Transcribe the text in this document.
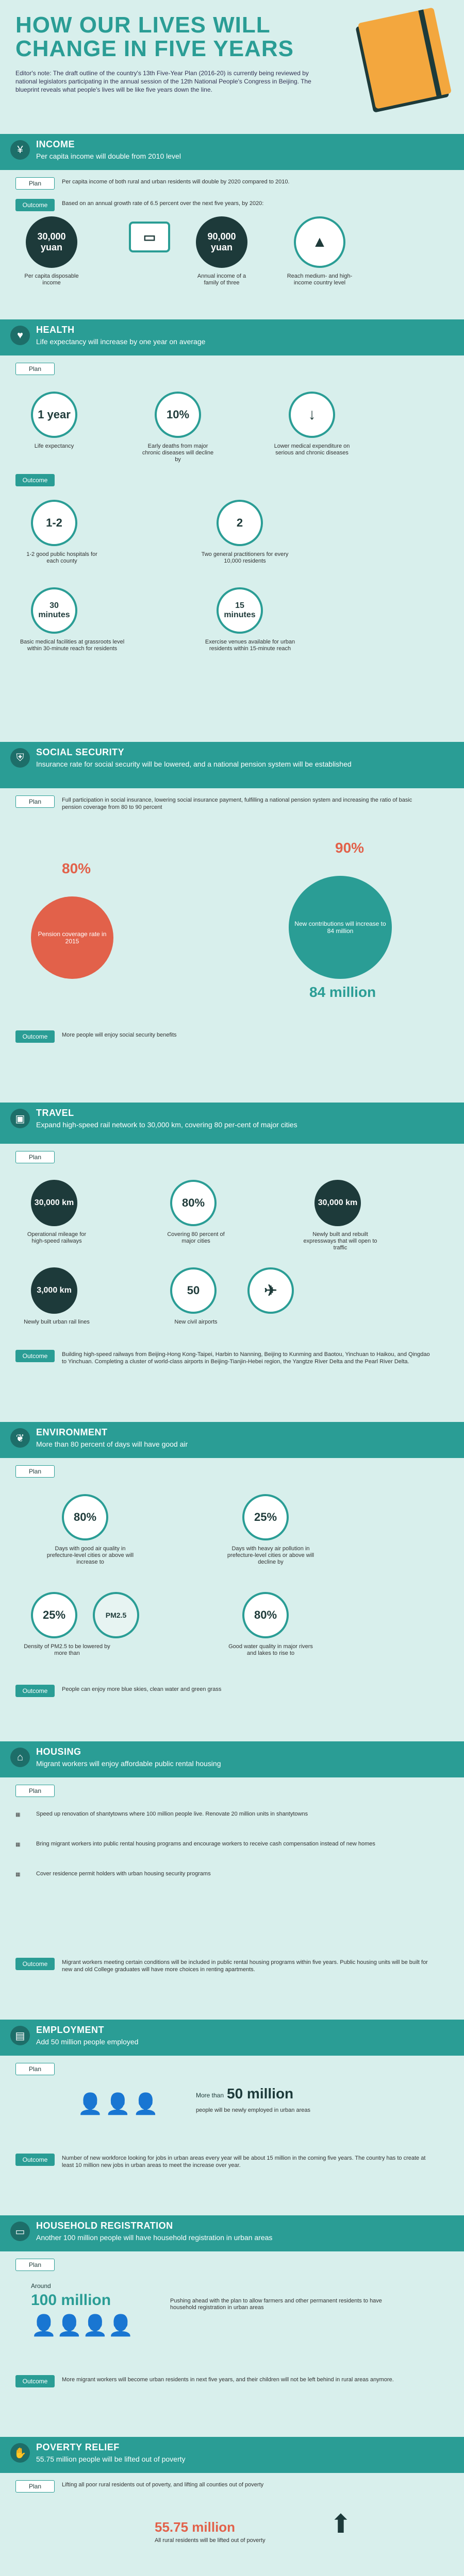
HOW OUR LIVES WILL CHANGE IN FIVE YEARS
Editor's note: The draft outline of the country's 13th Five-Year Plan (2016-20) is currently being reviewed by national legislators participating in the annual session of the 12th National People's Congress in Beijing. The blueprint reveals what people's lives will be like five years down the line.
¥	INCOME
Per capita income will double from 2010 level
Plan	Per capita income of both rural and urban residents will double by 2020 compared to 2010.
Outcome	Based on an annual growth rate of 6.5 percent over the next five years, by 2020:
30,000 yuan
Per capita disposable income
▭	90,000 yuan
Annual income of a family of three
▲
Reach medium- and high-income country level
♥	HEALTH
Life expectancy will increase by one year on average
Plan
1 year
Life expectancy
10%
Early deaths from major chronic diseases will decline by
↓
Lower medical expenditure on serious and chronic diseases
Outcome
1-2
1-2 good public hospitals for each county
2
Two general practitioners for every 10,000 residents
30 minutes
Basic medical facilities at grassroots level within 30-minute reach for residents
15 minutes
Exercise venues available for urban residents within 15-minute reach
⛨	SOCIAL SECURITY
Insurance rate for social security will be lowered, and a national pension system will be established
Plan	Full participation in social insurance, lowering social insurance payment, fulfilling a national pension system and increasing the ratio of basic pension coverage from 80 to 90 percent
80%
90%
Pension coverage rate in 2015
New contributions will increase to 84 million
84 million
Outcome	More people will enjoy social security benefits
▣
TRAVEL
Expand high-speed rail network to 30,000 km, covering 80 per-cent of major cities
Plan
30,000 km
Operational mileage for high-speed railways
80%
Covering 80 percent of major cities
30,000 km
Newly built and rebuilt expressways that will open to traffic
3,000 km
Newly built urban rail lines
50
New civil airports
✈
Outcome	Building high-speed railways from Beijing-Hong Kong-Taipei, Harbin to Nanning, Beijing to Kunming and Baotou, Yinchuan to Haikou, and Qingdao to Yinchuan. Completing a cluster of world-class airports in Beijing-Tianjin-Hebei region, the Yangtze River Delta and the Pearl River Delta.
❦
ENVIRONMENT
More than 80 percent of days will have good air
Plan
80%
Days with good air quality in prefecture-level cities or above will increase to
25%
Days with heavy air pollution in prefecture-level cities or above will decline by
25%	PM2.5
Density of PM2.5 to be lowered by more than
80%
Good water quality in major rivers and lakes to rise to
Outcome	People can enjoy more blue skies, clean water and green grass
⌂	HOUSING
Migrant workers will enjoy affordable public rental housing
Plan
▦	Speed up renovation of shantytowns where 100 million people live. Renovate 20 million units in shantytowns
▦	Bring migrant workers into public rental housing programs and encourage workers to receive cash compensation instead of new homes
▦	Cover residence permit holders with urban housing security programs
Outcome	Migrant workers meeting certain conditions will be included in public rental housing programs within five years. Public housing units will be built for new and old College graduates will have more choices in renting apartments.
▤
EMPLOYMENT
Add 50 million people employed
Plan
👤👤👤	More than 50 million
people will be newly employed in urban areas
Outcome	Number of new workforce looking for jobs in urban areas every year will be about 15 million in the coming five years. The country has to create at least 10 million new jobs in urban areas to meet the increase over year.
▭
HOUSEHOLD REGISTRATION
Another 100 million people will have household registration in urban areas
Plan
Around
100 million
👤👤👤👤
Pushing ahead with the plan to allow farmers and other permanent residents to have household registration in urban areas
Outcome	More migrant workers will become urban residents in next five years, and their children will not be left behind in rural areas anymore.
✋
POVERTY RELIEF
55.75 million people will be lifted out of poverty
Plan	Lifting all poor rural residents out of poverty, and lifting all counties out of poverty
55.75 million
All rural residents will be lifted out of poverty
⬆
